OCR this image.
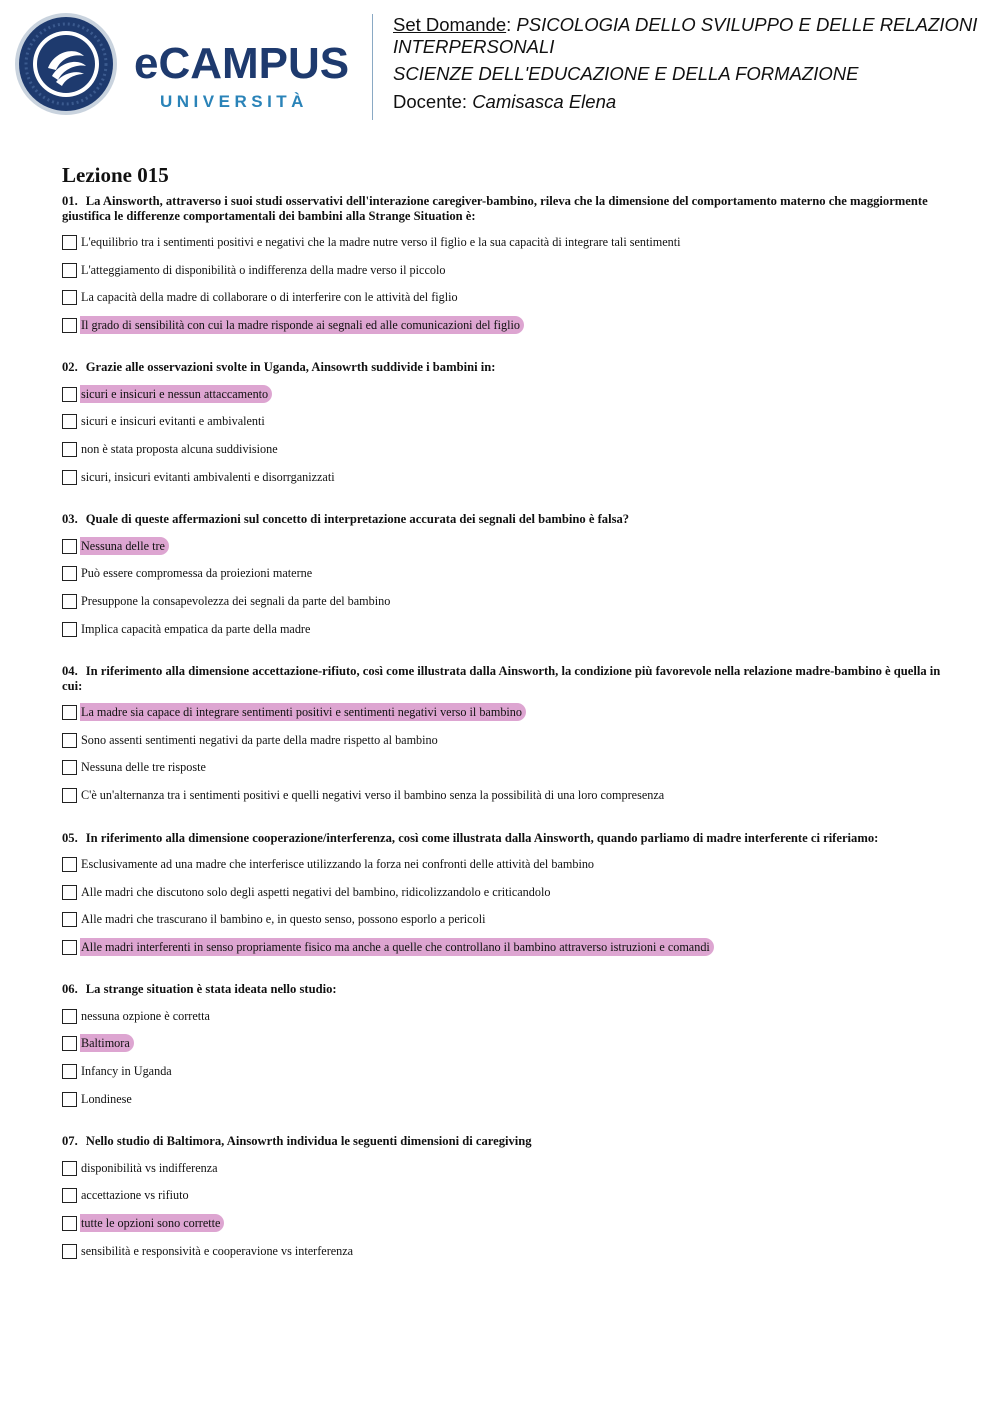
eCAMPUS
UNIVERSITÀ
Set Domande: PSICOLOGIA DELLO SVILUPPO E DELLE RELAZIONI INTERPERSONALI
SCIENZE DELL'EDUCAZIONE E DELLA FORMAZIONE
Docente: Camisasca Elena
Lezione 015
01. La Ainsworth, attraverso i suoi studi osservativi dell'interazione caregiver-bambino, rileva che la dimensione del comportamento materno che maggiormente giustifica le differenze comportamentali dei bambini alla Strange Situation è:
L'equilibrio tra i sentimenti positivi e negativi che la madre nutre verso il figlio e la sua capacità di integrare tali sentimenti
L'atteggiamento di disponibilità o indifferenza della madre verso il piccolo
La capacità della madre di collaborare o di interferire con le attività del figlio
Il grado di sensibilità con cui la madre risponde ai segnali ed alle comunicazioni del figlio
02. Grazie alle osservazioni svolte in Uganda, Ainsowrth suddivide i bambini in:
sicuri e insicuri e nessun attaccamento
sicuri e insicuri evitanti e ambivalenti
non è stata proposta alcuna suddivisione
sicuri, insicuri evitanti ambivalenti e disorrganizzati
03. Quale di queste affermazioni sul concetto di interpretazione accurata dei segnali del bambino è falsa?
Nessuna delle tre
Può essere compromessa da proiezioni materne
Presuppone la consapevolezza dei segnali da parte del bambino
Implica capacità empatica da parte della madre
04. In riferimento alla dimensione accettazione-rifiuto, così come illustrata dalla Ainsworth, la condizione più favorevole nella relazione madre-bambino è quella in cui:
La madre sia capace di integrare sentimenti positivi e sentimenti negativi verso il bambino
Sono assenti sentimenti negativi da parte della madre rispetto al bambino
Nessuna delle tre risposte
C'è un'alternanza tra i sentimenti positivi e quelli negativi verso il bambino senza la possibilità di una loro compresenza
05. In riferimento alla dimensione cooperazione/interferenza, così come illustrata dalla Ainsworth, quando parliamo di madre interferente ci riferiamo:
Esclusivamente ad una madre che interferisce utilizzando la forza nei confronti delle attività del bambino
Alle madri che discutono solo degli aspetti negativi del bambino, ridicolizzandolo e criticandolo
Alle madri che trascurano il bambino e, in questo senso, possono esporlo a pericoli
Alle madri interferenti in senso propriamente fisico ma anche a quelle che controllano il bambino attraverso istruzioni e comandi
06. La strange situation è stata ideata nello studio:
nessuna ozpione è corretta
Baltimora
Infancy in Uganda
Londinese
07. Nello studio di Baltimora, Ainsowrth individua le seguenti dimensioni di caregiving
disponibilità vs indifferenza
accettazione vs rifiuto
tutte le opzioni sono corrette
sensibilità e responsività e cooperavione vs interferenza
